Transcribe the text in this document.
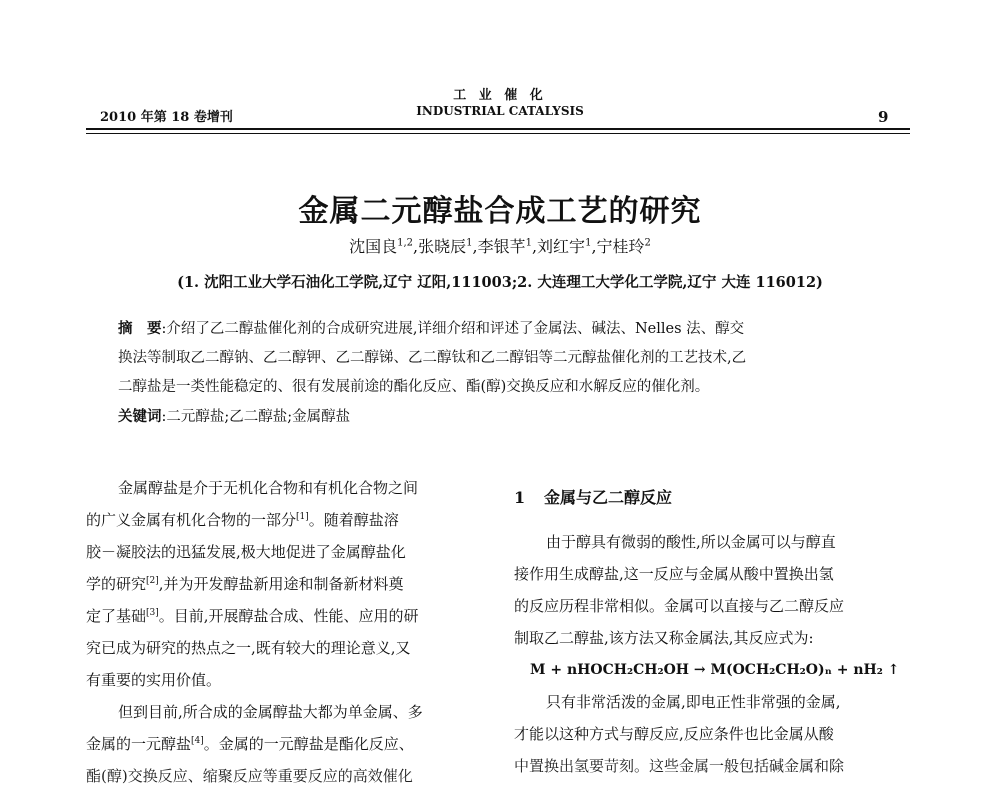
2010 年第 18 卷增刊
工 业 催 化
INDUSTRIAL CATALYSIS	9
金属二元醇盐合成工艺的研究
沈国良$^{1,2}$,张晓辰$^1$,李银芊$^1$,刘红宇$^1$,宁桂玲$^2$
(1. 沈阳工业大学石油化工学院,辽宁 辽阳,111003;2. 大连理工大学化工学院,辽宁 大连 116012)
摘　要:介绍了乙二醇盐催化剂的合成研究进展,详细介绍和评述了金属法、碱法、Nelles 法、醇交
换法等制取乙二醇钠、乙二醇钾、乙二醇锑、乙二醇钛和乙二醇铝等二元醇盐催化剂的工艺技术,乙
二醇盐是一类性能稳定的、很有发展前途的酯化反应、酯(醇)交换反应和水解反应的催化剂。
关键词:二元醇盐;乙二醇盐;金属醇盐
金属醇盐是介于无机化合物和有机化合物之间
的广义金属有机化合物的一部分[1]。随着醇盐溶
胶－凝胶法的迅猛发展,极大地促进了金属醇盐化
学的研究[2],并为开发醇盐新用途和制备新材料奠
定了基础[3]。目前,开展醇盐合成、性能、应用的研
究已成为研究的热点之一,既有较大的理论意义,又
有重要的实用价值。
但到目前,所合成的金属醇盐大都为单金属、多
金属的一元醇盐[4]。金属的一元醇盐是酯化反应、
酯(醇)交换反应、缩聚反应等重要反应的高效催化
1 金属与乙二醇反应
由于醇具有微弱的酸性,所以金属可以与醇直
接作用生成醇盐,这一反应与金属从酸中置换出氢
的反应历程非常相似。金属可以直接与乙二醇反应
制取乙二醇盐,该方法又称金属法,其反应式为:
M + nHOCH₂CH₂OH → M(OCH₂CH₂O)ₙ + nH₂ ↑
只有非常活泼的金属,即电正性非常强的金属,
才能以这种方式与醇反应,反应条件也比金属从酸
中置换出氢要苛刻。这些金属一般包括碱金属和除
